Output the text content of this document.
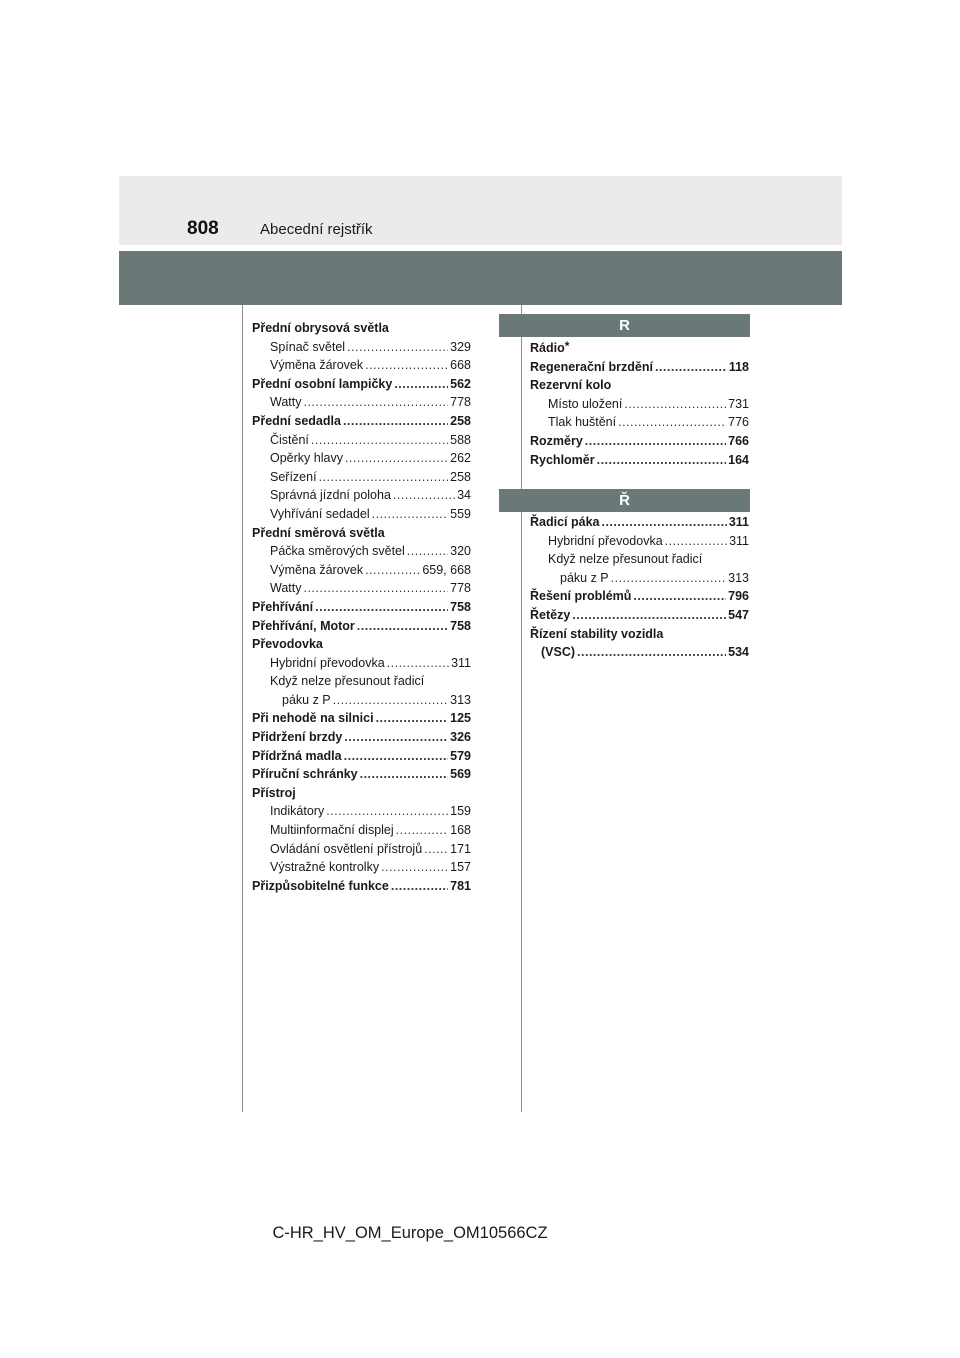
808	Abecední rejstřík
Přední obrysová světla
Spínač světel .....	329
Výměna žárovek .....	668
Přední osobní lampičky .....	562
Watty .....	778
Přední sedadla .....	258
Čistění .....	588
Opěrky hlavy .....	262
Seřízení .....	258
Správná jízdní poloha .....	34
Vyhřívání sedadel .....	559
Přední směrová světla
Páčka směrových světel .....	320
Výměna žárovek .....	659, 668
Watty .....	778
Přehřívání .....	758
Přehřívání, Motor .....	758
Převodovka
Hybridní převodovka .....	311
Když nelze přesunout řadicí
páku z P .....	313
Při nehodě na silnici .....	125
Přidržení brzdy .....	326
Přídržná madla .....	579
Příruční schránky .....	569
Přístroj
Indikátory .....	159
Multiinformační displej .....	168
Ovládání osvětlení přístrojů ..... 171
Výstražné kontrolky .....	157
Přizpůsobitelné funkce .....	781
R
Rádio*
Regenerační brzdění .....	118
Rezervní kolo
Místo uložení .....	731
Tlak huštění .....	776
Rozměry .....	766
Rychloměr .....	164
Ř
Řadicí páka .....	311
Hybridní převodovka .....	311
Když nelze přesunout řadicí
páku z P .....	313
Řešení problémů .....	796
Řetězy .....	547
Řízení stability vozidla
(VSC) .....	534
C-HR_HV_OM_Europe_OM10566CZ
